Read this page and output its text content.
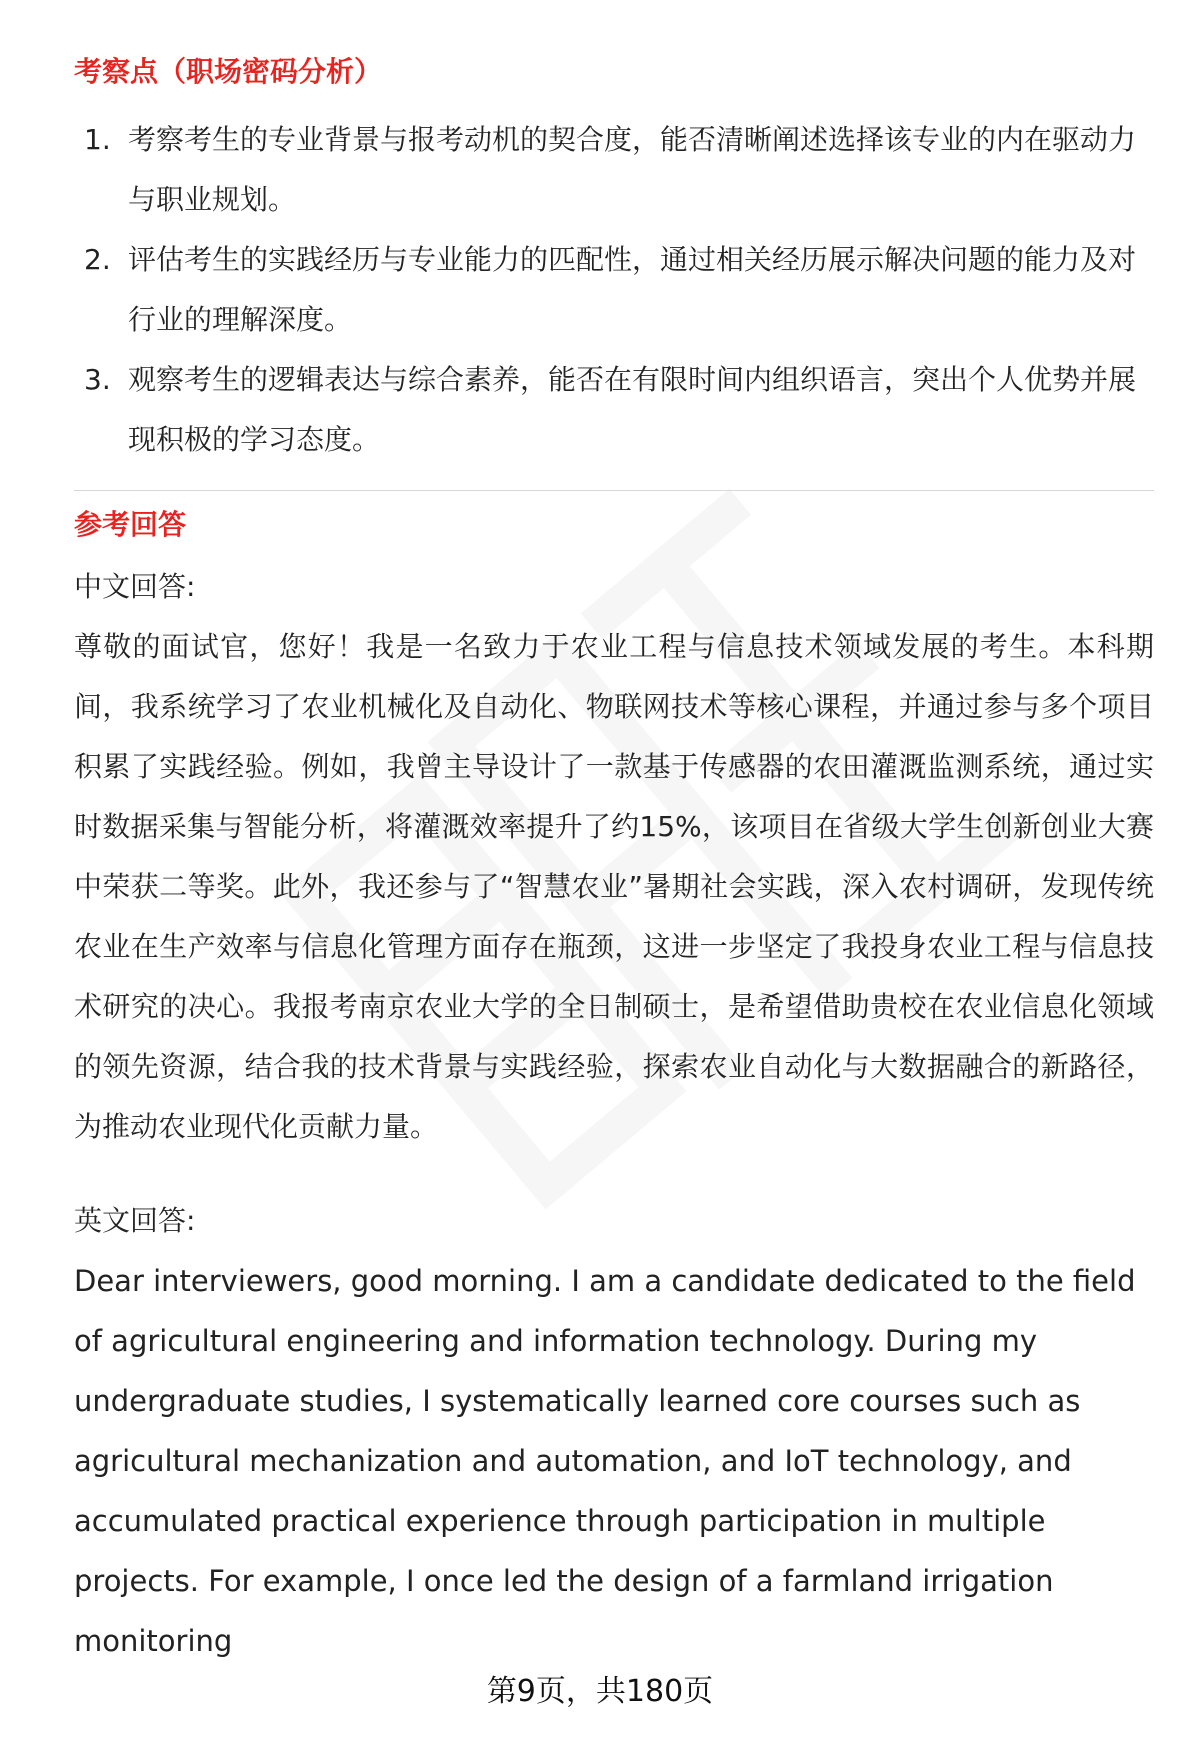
考察点（职场密码分析）
1. 考察考生的专业背景与报考动机的契合度，能否清晰阐述选择该专业的内在驱动力与职业规划。
2. 评估考生的实践经历与专业能力的匹配性，通过相关经历展示解决问题的能力及对行业的理解深度。
3. 观察考生的逻辑表达与综合素养，能否在有限时间内组织语言，突出个人优势并展现积极的学习态度。
参考回答

中文回答:

尊敬的面试官，您好！我是一名致力于农业工程与信息技术领域发展的考生。本科期间，我系统学习了农业机械化及自动化、物联网技术等核心课程，并通过参与多个项目积累了实践经验。例如，我曾主导设计了一款基于传感器的农田灌溉监测系统，通过实时数据采集与智能分析，将灌溉效率提升了约15%，该项目在省级大学生创新创业大赛中荣获二等奖。此外，我还参与了“智慧农业”暑期社会实践，深入农村调研，发现传统农业在生产效率与信息化管理方面存在瓶颈，这进一步坚定了我投身农业工程与信息技术研究的决心。我报考南京农业大学的全日制硕士，是希望借助贵校在农业信息化领域的领先资源，结合我的技术背景与实践经验，探索农业自动化与大数据融合的新路径，为推动农业现代化贡献力量。

英文回答:

Dear interviewers, good morning. I am a candidate dedicated to the field of agricultural engineering and information technology. During my undergraduate studies, I systematically learned core courses such as agricultural mechanization and automation, and IoT technology, and accumulated practical experience through participation in multiple projects. For example, I once led the design of a farmland irrigation monitoring

第9页，共180页
